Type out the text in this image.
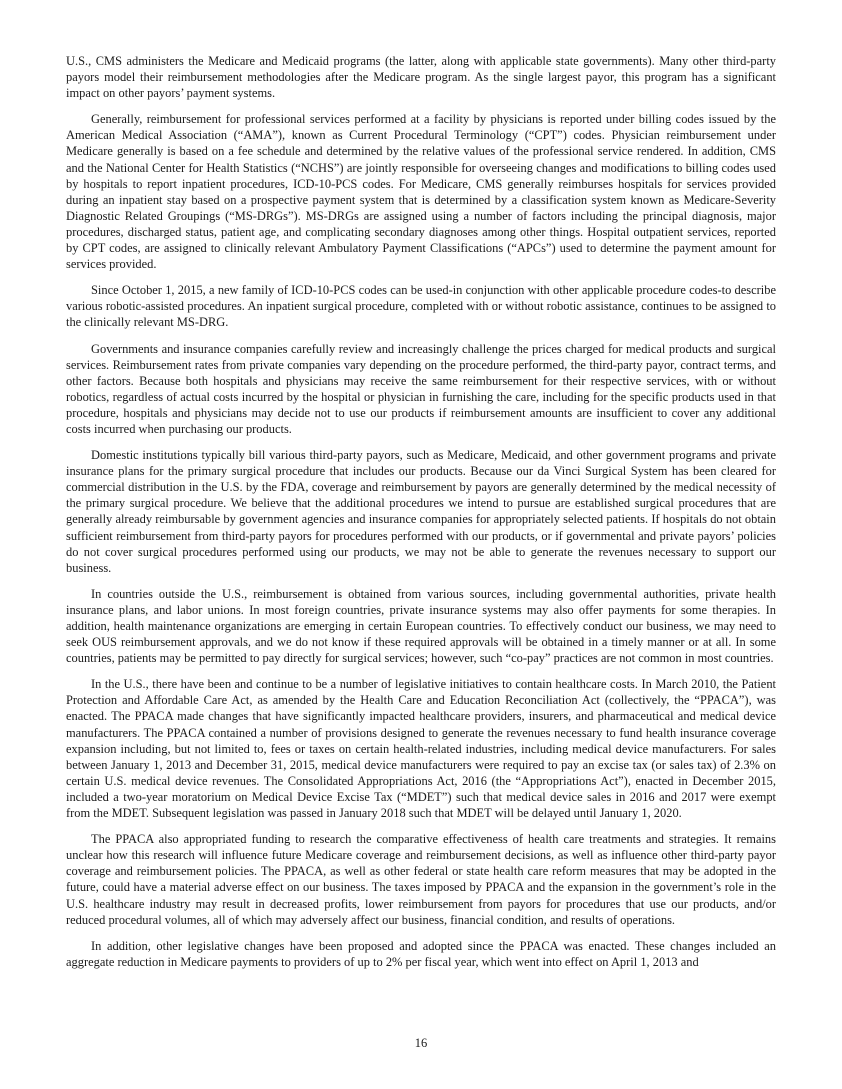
U.S., CMS administers the Medicare and Medicaid programs (the latter, along with applicable state governments). Many other third-party payors model their reimbursement methodologies after the Medicare program. As the single largest payor, this program has a significant impact on other payors’ payment systems.

Generally, reimbursement for professional services performed at a facility by physicians is reported under billing codes issued by the American Medical Association (“AMA”), known as Current Procedural Terminology (“CPT”) codes. Physician reimbursement under Medicare generally is based on a fee schedule and determined by the relative values of the professional service rendered. In addition, CMS and the National Center for Health Statistics (“NCHS”) are jointly responsible for overseeing changes and modifications to billing codes used by hospitals to report inpatient procedures, ICD-10-PCS codes. For Medicare, CMS generally reimburses hospitals for services provided during an inpatient stay based on a prospective payment system that is determined by a classification system known as Medicare-Severity Diagnostic Related Groupings (“MS-DRGs”). MS-DRGs are assigned using a number of factors including the principal diagnosis, major procedures, discharged status, patient age, and complicating secondary diagnoses among other things. Hospital outpatient services, reported by CPT codes, are assigned to clinically relevant Ambulatory Payment Classifications (“APCs”) used to determine the payment amount for services provided.

Since October 1, 2015, a new family of ICD-10-PCS codes can be used-in conjunction with other applicable procedure codes-to describe various robotic-assisted procedures. An inpatient surgical procedure, completed with or without robotic assistance, continues to be assigned to the clinically relevant MS-DRG.

Governments and insurance companies carefully review and increasingly challenge the prices charged for medical products and surgical services. Reimbursement rates from private companies vary depending on the procedure performed, the third-party payor, contract terms, and other factors. Because both hospitals and physicians may receive the same reimbursement for their respective services, with or without robotics, regardless of actual costs incurred by the hospital or physician in furnishing the care, including for the specific products used in that procedure, hospitals and physicians may decide not to use our products if reimbursement amounts are insufficient to cover any additional costs incurred when purchasing our products.

Domestic institutions typically bill various third-party payors, such as Medicare, Medicaid, and other government programs and private insurance plans for the primary surgical procedure that includes our products. Because our da Vinci Surgical System has been cleared for commercial distribution in the U.S. by the FDA, coverage and reimbursement by payors are generally determined by the medical necessity of the primary surgical procedure. We believe that the additional procedures we intend to pursue are established surgical procedures that are generally already reimbursable by government agencies and insurance companies for appropriately selected patients. If hospitals do not obtain sufficient reimbursement from third-party payors for procedures performed with our products, or if governmental and private payors’ policies do not cover surgical procedures performed using our products, we may not be able to generate the revenues necessary to support our business.

In countries outside the U.S., reimbursement is obtained from various sources, including governmental authorities, private health insurance plans, and labor unions. In most foreign countries, private insurance systems may also offer payments for some therapies. In addition, health maintenance organizations are emerging in certain European countries. To effectively conduct our business, we may need to seek OUS reimbursement approvals, and we do not know if these required approvals will be obtained in a timely manner or at all. In some countries, patients may be permitted to pay directly for surgical services; however, such “co-pay” practices are not common in most countries.

In the U.S., there have been and continue to be a number of legislative initiatives to contain healthcare costs. In March 2010, the Patient Protection and Affordable Care Act, as amended by the Health Care and Education Reconciliation Act (collectively, the “PPACA”), was enacted. The PPACA made changes that have significantly impacted healthcare providers, insurers, and pharmaceutical and medical device manufacturers. The PPACA contained a number of provisions designed to generate the revenues necessary to fund health insurance coverage expansion including, but not limited to, fees or taxes on certain health-related industries, including medical device manufacturers. For sales between January 1, 2013 and December 31, 2015, medical device manufacturers were required to pay an excise tax (or sales tax) of 2.3% on certain U.S. medical device revenues. The Consolidated Appropriations Act, 2016 (the “Appropriations Act”), enacted in December 2015, included a two-year moratorium on Medical Device Excise Tax (“MDET”) such that medical device sales in 2016 and 2017 were exempt from the MDET. Subsequent legislation was passed in January 2018 such that MDET will be delayed until January 1, 2020.

The PPACA also appropriated funding to research the comparative effectiveness of health care treatments and strategies. It remains unclear how this research will influence future Medicare coverage and reimbursement decisions, as well as influence other third-party payor coverage and reimbursement policies. The PPACA, as well as other federal or state health care reform measures that may be adopted in the future, could have a material adverse effect on our business. The taxes imposed by PPACA and the expansion in the government’s role in the U.S. healthcare industry may result in decreased profits, lower reimbursement from payors for procedures that use our products, and/or reduced procedural volumes, all of which may adversely affect our business, financial condition, and results of operations.

In addition, other legislative changes have been proposed and adopted since the PPACA was enacted. These changes included an aggregate reduction in Medicare payments to providers of up to 2% per fiscal year, which went into effect on April 1, 2013 and

16
